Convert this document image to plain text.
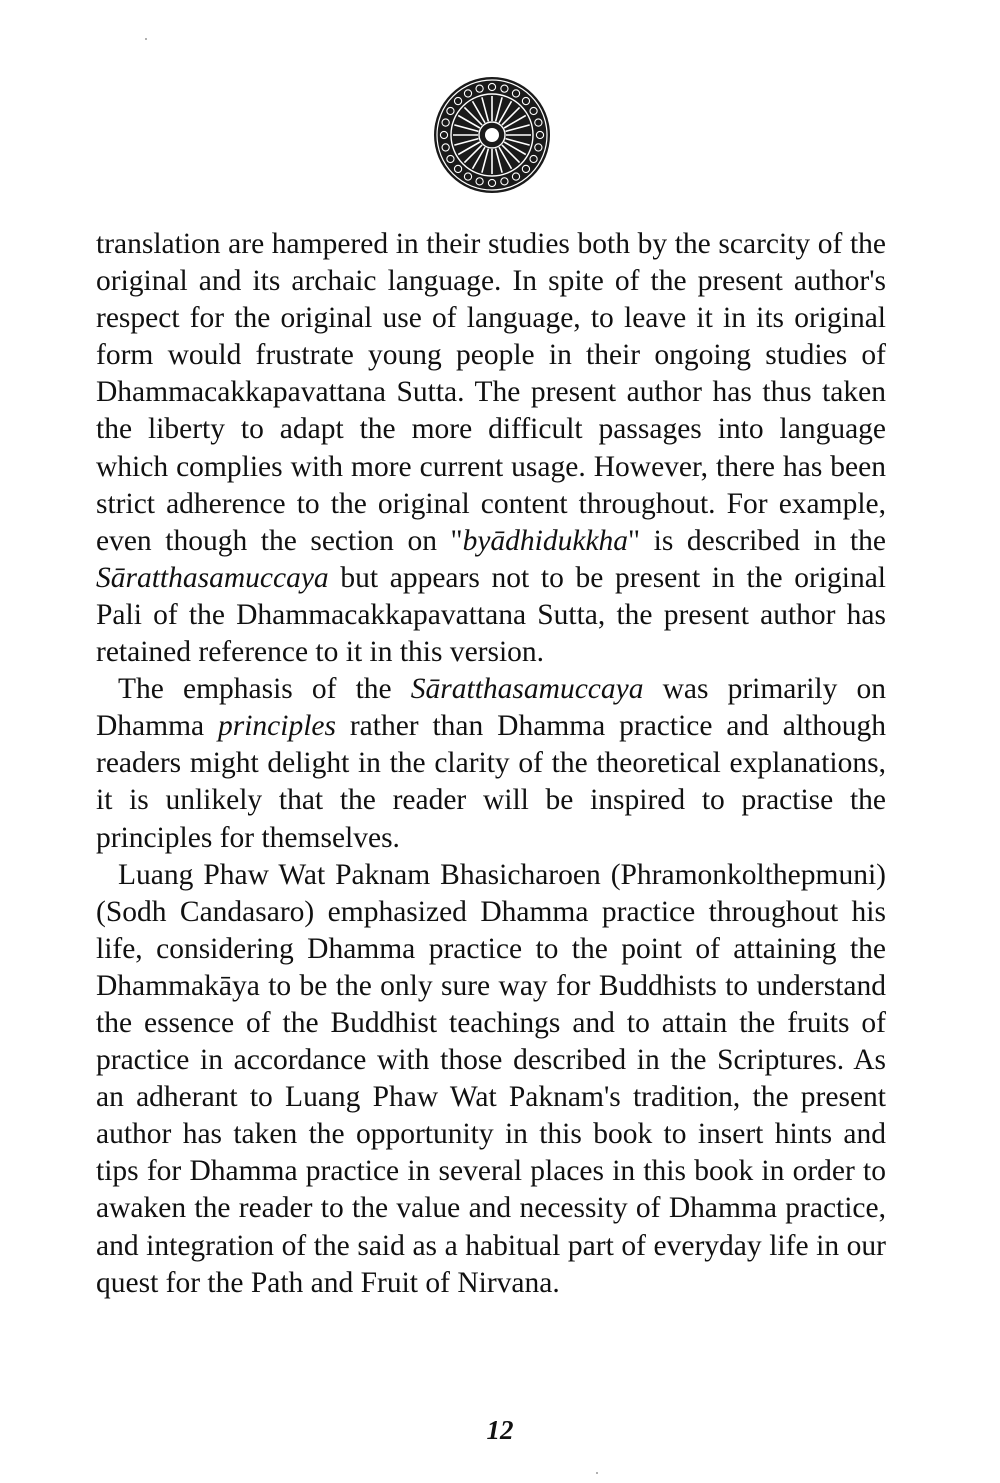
translation are hampered in their studies both by the scarcity of the original and its archaic language. In spite of the present author's respect for the original use of language, to leave it in its original form would frustrate young people in their ongoing studies of Dhammacakkapavattana Sutta. The present author has thus taken the liberty to adapt the more difficult passages into language which complies with more current usage. However, there has been strict adherence to the original content throughout. For example, even though the section on "byādhidukkha" is described in the Sāratthasamuccaya but appears not to be present in the original Pali of the Dhammacakkapavattana Sutta, the present author has retained reference to it in this version.

The emphasis of the Sāratthasamuccaya was primarily on Dhamma principles rather than Dhamma practice and although readers might delight in the clarity of the theoretical explanations, it is unlikely that the reader will be inspired to practise the principles for themselves.

Luang Phaw Wat Paknam Bhasicharoen (Phramonkolthepmuni) (Sodh Candasaro) emphasized Dhamma practice throughout his life, considering Dhamma practice to the point of attaining the Dhammakāya to be the only sure way for Buddhists to understand the essence of the Buddhist teachings and to attain the fruits of practice in accordance with those described in the Scriptures. As an adherant to Luang Phaw Wat Paknam's tradition, the present author has taken the opportunity in this book to insert hints and tips for Dhamma practice in several places in this book in order to awaken the reader to the value and necessity of Dhamma practice, and integration of the said as a habitual part of everyday life in our quest for the Path and Fruit of Nirvana.

12
